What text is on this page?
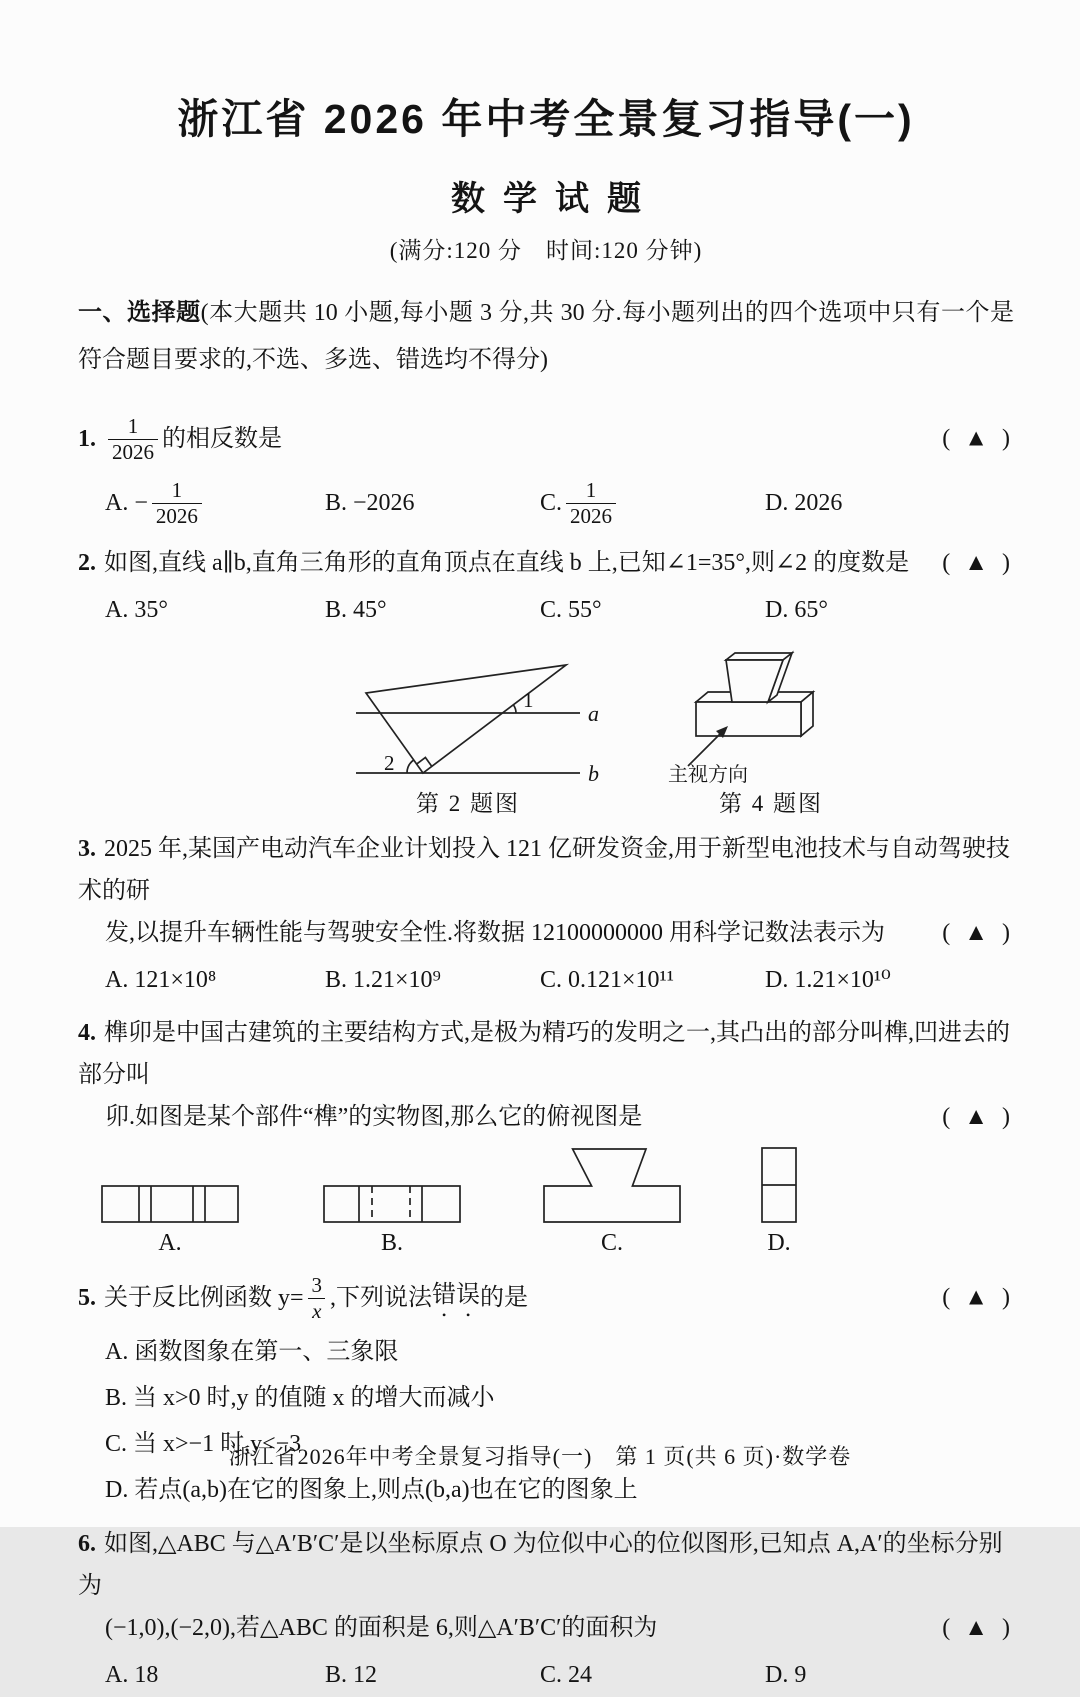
浙江省 2026 年中考全景复习指导(一)
数学试题
(满分:120 分　时间:120 分钟)

一、选择题(本大题共 10 小题,每小题 3 分,共 30 分.每小题列出的四个选项中只有一个是符合题目要求的,不选、多选、错选均不得分)

1. $\frac{1}{2026}$ 的相反数是	( ▲ )
A. − $\frac{1}{2026}$	B. −2026	C. $\frac{1}{2026}$	D. 2026
2. 如图,直线 a∥b,直角三角形的直角顶点在直线 b 上,已知∠1=35°,则∠2 的度数是 ( ▲ )
A. 35°	B. 45°	C. 55°	D. 65°
a
b
1
2
第 2 题图
主视方向
第 4 题图
3. 2025 年,某国产电动汽车企业计划投入 121 亿研发资金,用于新型电池技术与自动驾驶技术的研
发,以提升车辆性能与驾驶安全性.将数据 12100000000 用科学记数法表示为 ( ▲ )
A. 121×10⁸	B. 1.21×10⁹	C. 0.121×10¹¹	D. 1.21×10¹⁰
4. 榫卯是中国古建筑的主要结构方式,是极为精巧的发明之一,其凸出的部分叫榫,凹进去的部分叫
卯.如图是某个部件“榫”的实物图,那么它的俯视图是	( ▲ )
A.	B.	C.	D.
5. 关于反比例函数 $y= \frac{3}{x}$ ,下列说法 错误 的是	( ▲ )
A. 函数图象在第一、三象限
B. 当 x>0 时,y 的值随 x 的增大而减小
C. 当 x>−1 时,y<−3
D. 若点(a,b)在它的图象上,则点(b,a)也在它的图象上
6. 如图,△ABC 与△A′B′C′是以坐标原点 O 为位似中心的位似图形,已知点 A,A′的坐标分别为
(−1,0),(−2,0),若△ABC 的面积是 6,则△A′B′C′的面积为	( ▲ )
A. 18	B. 12	C. 24	D. 9
浙江省2026年中考全景复习指导(一)　第 1 页(共 6 页)·数学卷
